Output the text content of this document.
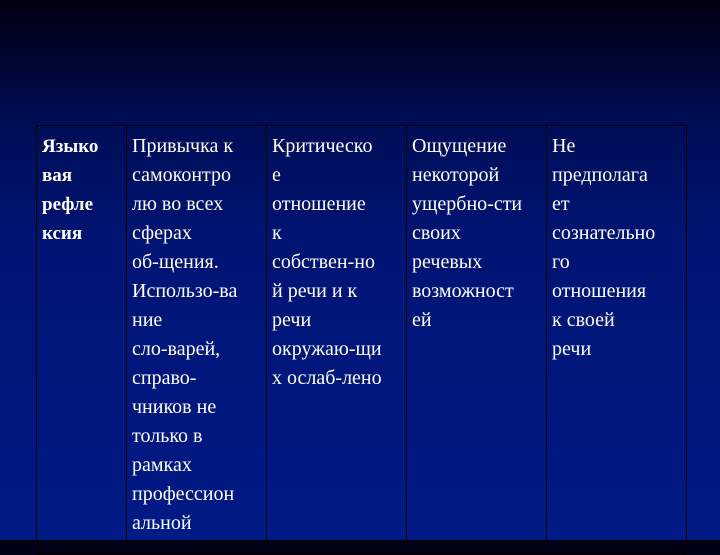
Языко
вая
рефле
ксия	Привычка к
самоконтро
лю во всех
сферах
об-щения.
Использо-ва
ние
сло-варей,
справо-
чников не
только в
рамках
профессион
альной	Критическо
е
отношение
к
собствен-но
й речи и к
речи
окружаю-щи
х ослаб-лено	Ощущение
некоторой
ущербно-сти
своих
речевых
возможност
ей	Не
предполага
ет
сознательно
го
отношения
к своей
речи
